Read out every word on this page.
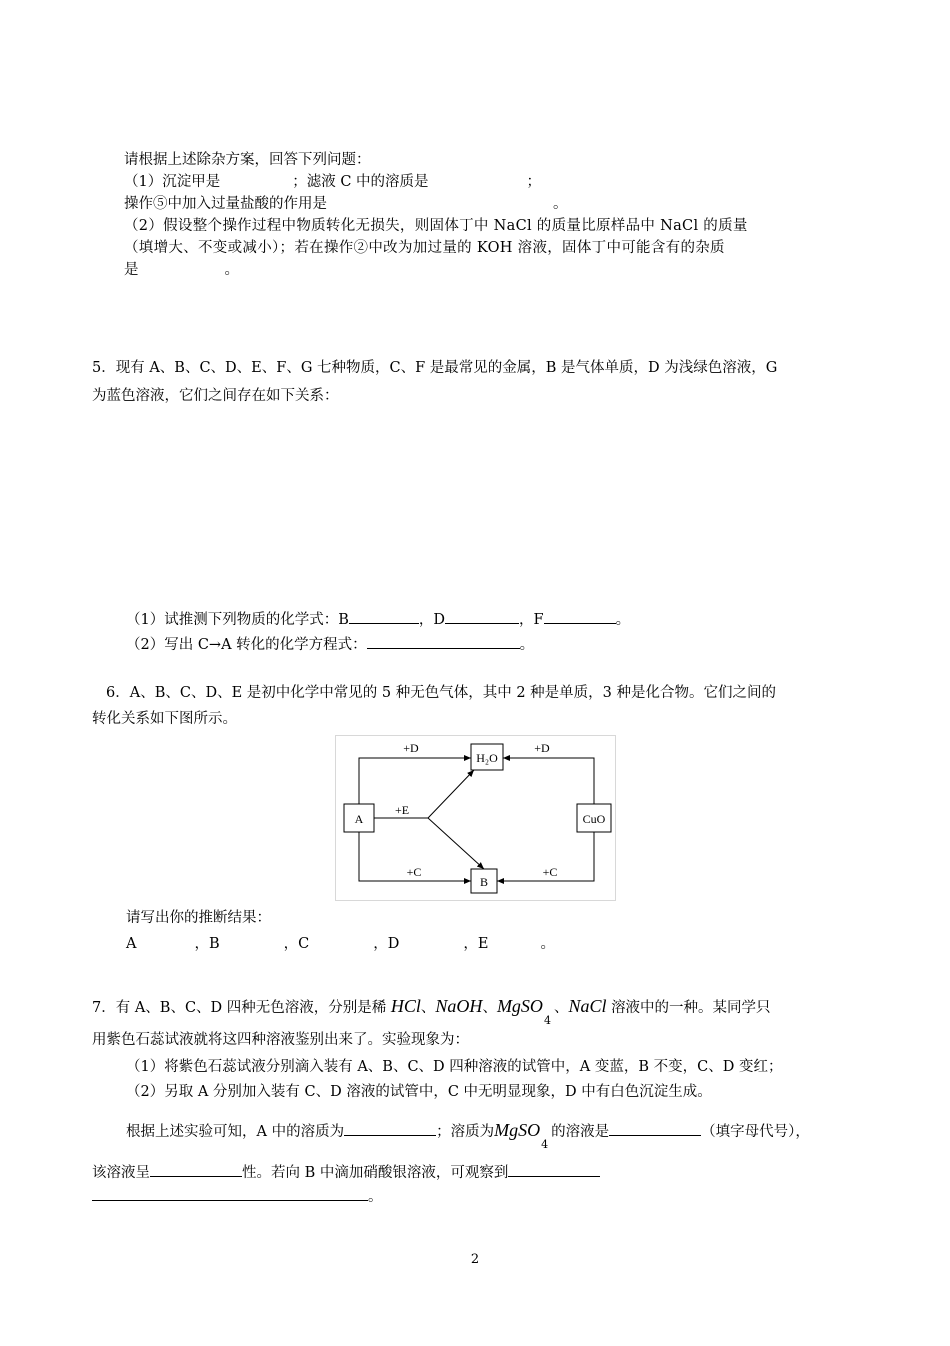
请根据上述除杂方案，回答下列问题：
（1）沉淀甲是	；滤液 C 中的溶质是	；
操作⑤中加入过量盐酸的作用是	。
（2）假设整个操作过程中物质转化无损失，则固体丁中 NaCl 的质量比原样品中 NaCl 的质量
（填增大、不变或减小）；若在操作②中改为加过量的 KOH 溶液，固体丁中可能含有的杂质
是	。
5．现有 A、B、C、D、E、F、G 七种物质，C、F 是最常见的金属，B 是气体单质，D 为浅绿色溶液，G
为蓝色溶液，它们之间存在如下关系：
（1）试推测下列物质的化学式：B	，D	，F	。
（2）写出 C→A 转化的化学方程式：	。
6．A、B、C、D、E 是初中化学中常见的 5 种无色气体，其中 2 种是单质，3 种是化合物。它们之间的
转化关系如下图所示。
A
H₂O
CuO
B
+D	+D
+E
+C	+C
请写出你的推断结果：
A	，B	，C	，D	，E	。
7．有 A、B、C、D 四种无色溶液，分别是稀 HCl、NaOH、MgSO$_4$、NaCl 溶液中的一种。某同学只
用紫色石蕊试液就将这四种溶液鉴别出来了。实验现象为：
（1）将紫色石蕊试液分别滴入装有 A、B、C、D 四种溶液的试管中，A 变蓝，B 不变，C、D 变红；
（2）另取 A 分别加入装有 C、D 溶液的试管中，C 中无明显现象，D 中有白色沉淀生成。
根据上述实验可知，A 中的溶质为	；溶质为MgSO$_4$的溶液是	（填字母代号），
该溶液呈	性。若向 B 中滴加硝酸银溶液，可观察到
。
2
